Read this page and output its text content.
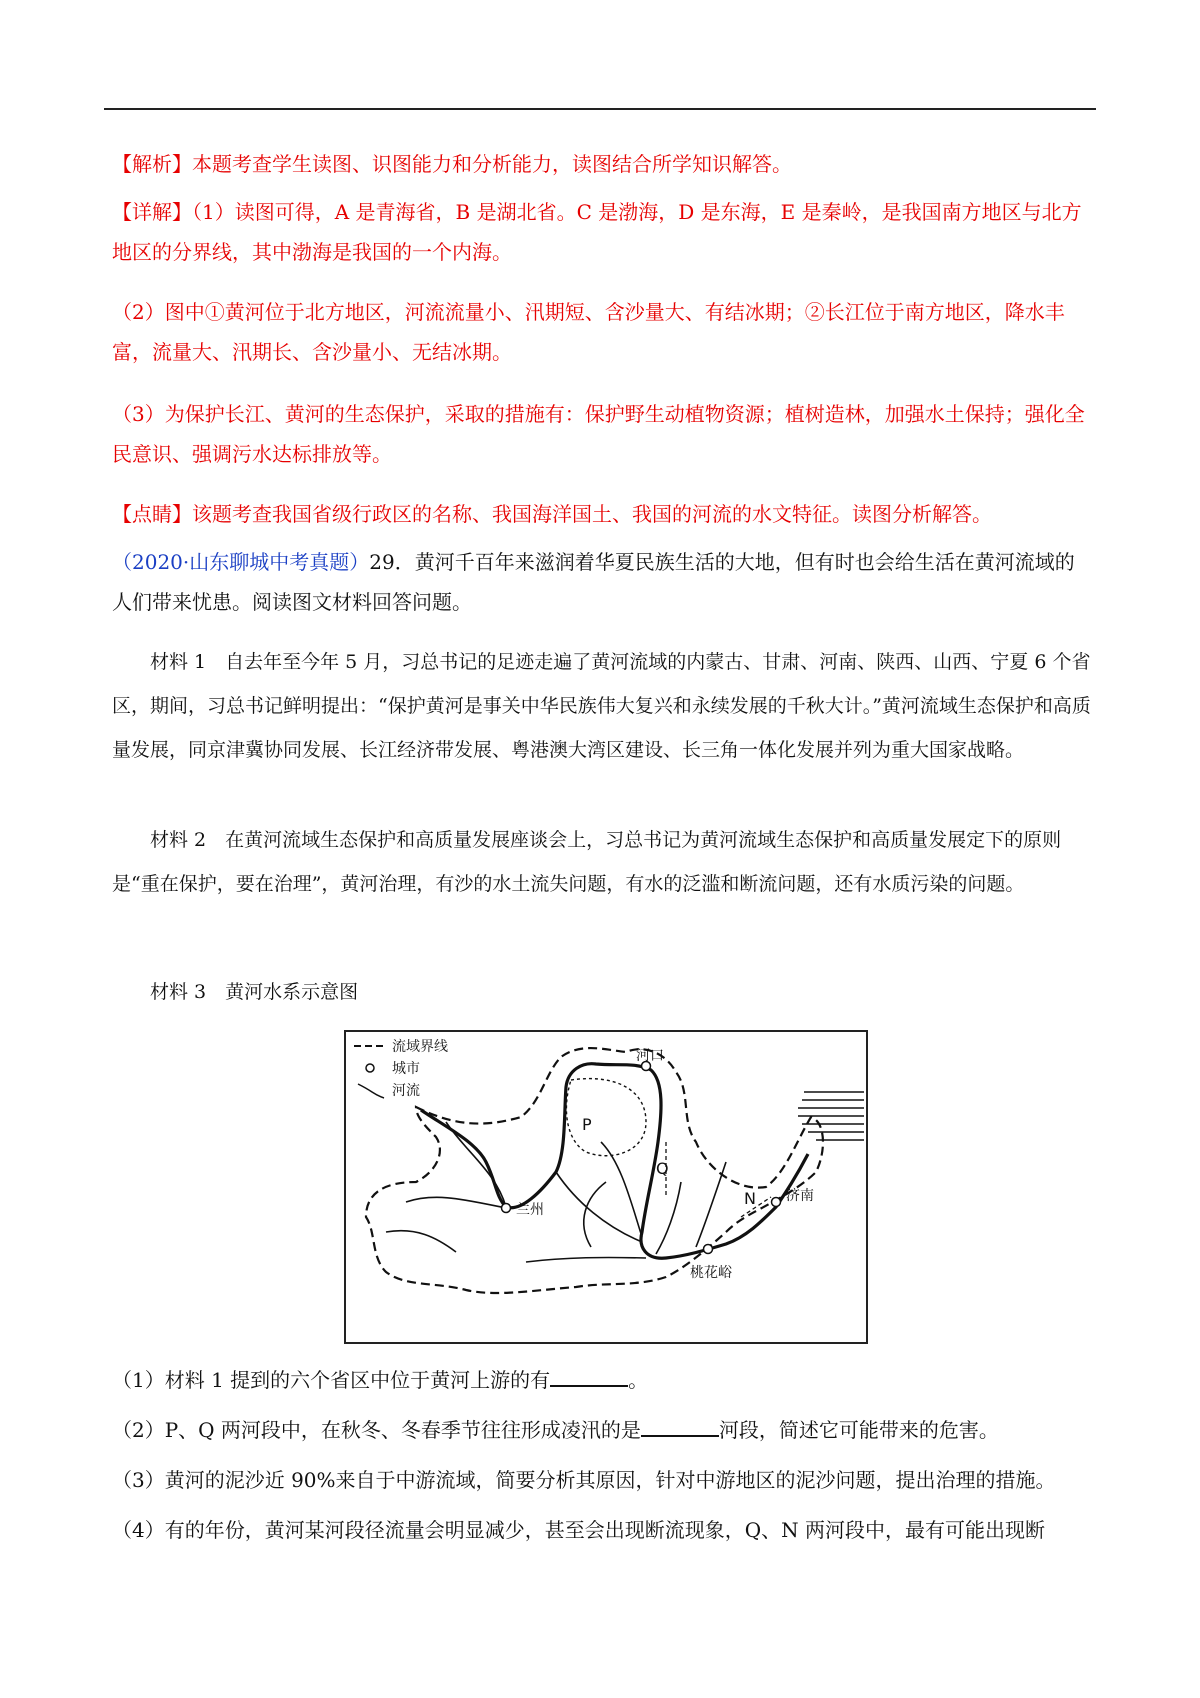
【解析】本题考查学生读图、识图能力和分析能力，读图结合所学知识解答。

【详解】（1）读图可得，A 是青海省，B 是湖北省。C 是渤海，D 是东海，E 是秦岭，是我国南方地区与北方地区的分界线，其中渤海是我国的一个内海。

（2）图中①黄河位于北方地区，河流流量小、汛期短、含沙量大、有结冰期；②长江位于南方地区，降水丰富，流量大、汛期长、含沙量小、无结冰期。

（3）为保护长江、黄河的生态保护，采取的措施有：保护野生动植物资源；植树造林，加强水土保持；强化全民意识、强调污水达标排放等。

【点睛】该题考查我国省级行政区的名称、我国海洋国土、我国的河流的水文特征。读图分析解答。

（2020·山东聊城中考真题）29．黄河千百年来滋润着华夏民族生活的大地，但有时也会给生活在黄河流域的人们带来忧患。阅读图文材料回答问题。

材料 1　自去年至今年 5 月，习总书记的足迹走遍了黄河流域的内蒙古、甘肃、河南、陕西、山西、宁夏 6 个省区，期间，习总书记鲜明提出：“保护黄河是事关中华民族伟大复兴和永续发展的千秋大计。”黄河流域生态保护和高质量发展，同京津冀协同发展、长江经济带发展、粤港澳大湾区建设、长三角一体化发展并列为重大国家战略。

材料 2　在黄河流域生态保护和高质量发展座谈会上，习总书记为黄河流域生态保护和高质量发展定下的原则是“重在保护，要在治理”，黄河治理，有沙的水土流失问题，有水的泛滥和断流问题，还有水质污染的问题。

材料 3　黄河水系示意图

流域界线
城市
河流
河口
兰州
济南
桃花峪
P
Q
N

（1）材料 1 提到的六个省区中位于黄河上游的有	。

（2）P、Q 两河段中，在秋冬、冬春季节往往形成凌汛的是	河段，简述它可能带来的危害。

（3）黄河的泥沙近 90%来自于中游流域，简要分析其原因，针对中游地区的泥沙问题，提出治理的措施。

（4）有的年份，黄河某河段径流量会明显减少，甚至会出现断流现象，Q、N 两河段中，最有可能出现断
